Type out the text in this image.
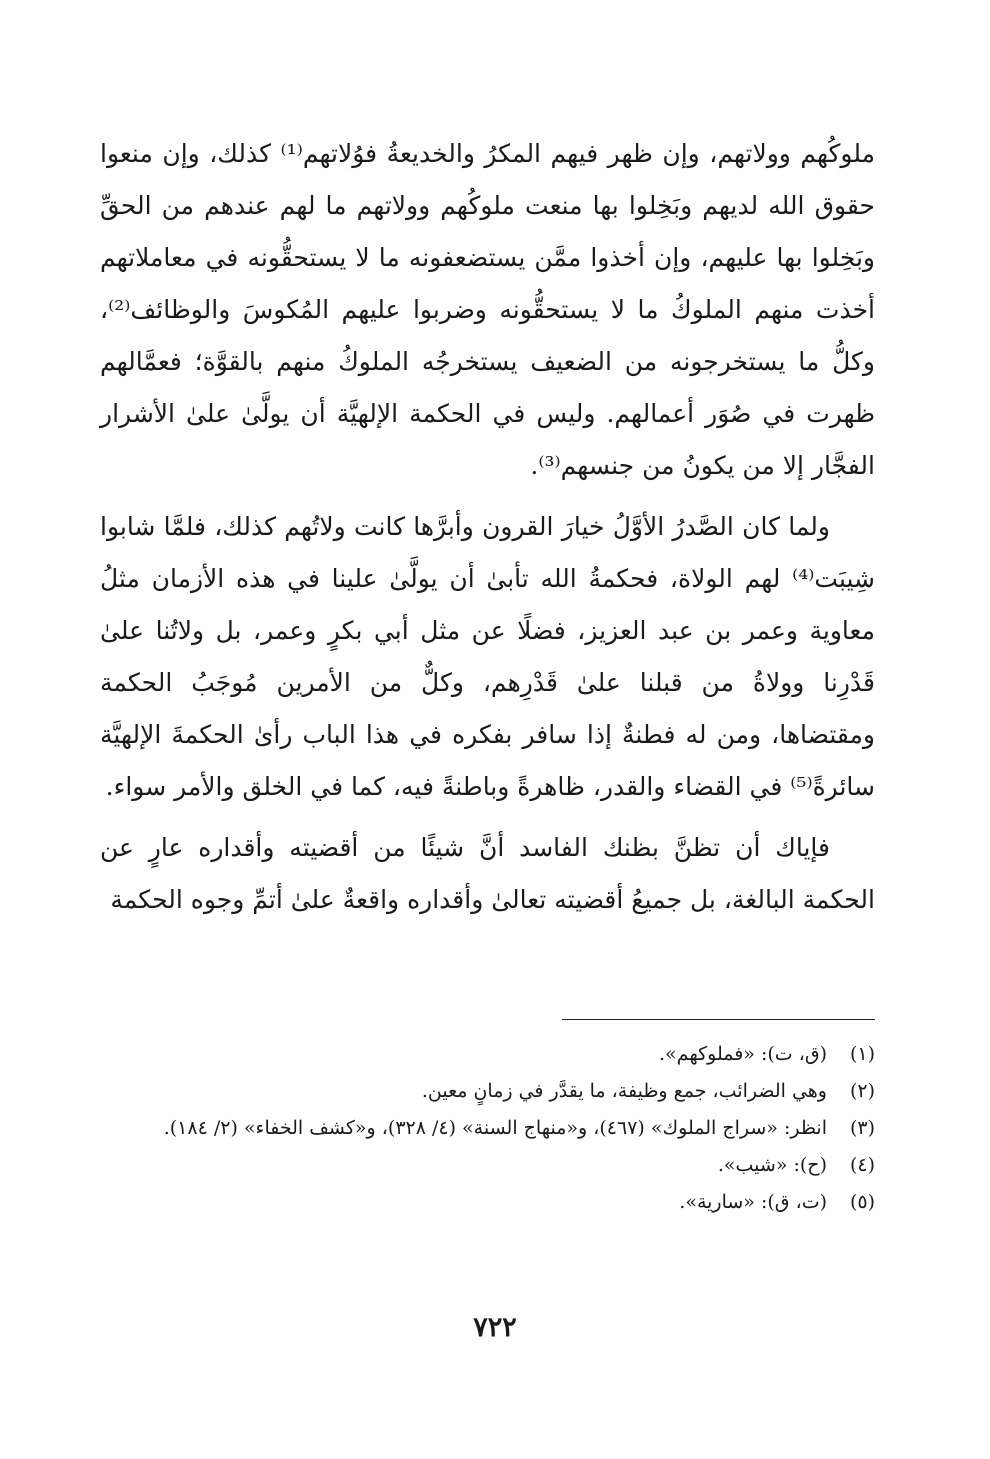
ملوكُهم وولاتهم، وإن ظهر فيهم المكرُ والخديعةُ فوُلاتهم⁽¹⁾ كذلك، وإن منعوا حقوق الله لديهم وبَخِلوا بها منعت ملوكُهم وولاتهم ما لهم عندهم من الحقِّ وبَخِلوا بها عليهم، وإن أخذوا ممَّن يستضعفونه ما لا يستحقُّونه في معاملاتهم أخذت منهم الملوكُ ما لا يستحقُّونه وضربوا عليهم المُكوسَ والوظائف⁽²⁾، وكلُّ ما يستخرجونه من الضعيف يستخرجُه الملوكُ منهم بالقوَّة؛ فعمَّالهم ظهرت في صُوَر أعمالهم. وليس في الحكمة الإلهيَّة أن يولَّىٰ علىٰ الأشرار الفجَّار إلا من يكونُ من جنسهم⁽³⁾.

ولما كان الصَّدرُ الأوَّلُ خيارَ القرون وأبرَّها كانت ولاتُهم كذلك، فلمَّا شابوا شِيبَت⁽⁴⁾ لهم الولاة، فحكمةُ الله تأبىٰ أن يولَّىٰ علينا في هذه الأزمان مثلُ معاوية وعمر بن عبد العزيز، فضلًا عن مثل أبي بكرٍ وعمر، بل ولاتُنا علىٰ قَدْرِنا وولاةُ من قبلنا علىٰ قَدْرِهم، وكلٌّ من الأمرين مُوجَبُ الحكمة ومقتضاها، ومن له فطنةٌ إذا سافر بفكره في هذا الباب رأىٰ الحكمةَ الإلهيَّة سائرةً⁽⁵⁾ في القضاء والقدر، ظاهرةً وباطنةً فيه، كما في الخلق والأمر سواء.

فإياك أن تظنَّ بظنك الفاسد أنَّ شيئًا من أقضيته وأقداره عارٍ عن الحكمة البالغة، بل جميعُ أقضيته تعالىٰ وأقداره واقعةٌ علىٰ أتمِّ وجوه الحكمة

(١)
(ق، ت): «فملوكهم».
(٢)
وهي الضرائب، جمع وظيفة، ما يقدَّر في زمانٍ معين.
(٣)
انظر: «سراج الملوك» (٤٦٧)، و«منهاج السنة» (٤/ ٣٢٨)، و«كشف الخفاء» (٢/ ١٨٤).
(٤)
(ح): «شيب».
(٥)
(ت، ق): «سارية».
٧٢٢
